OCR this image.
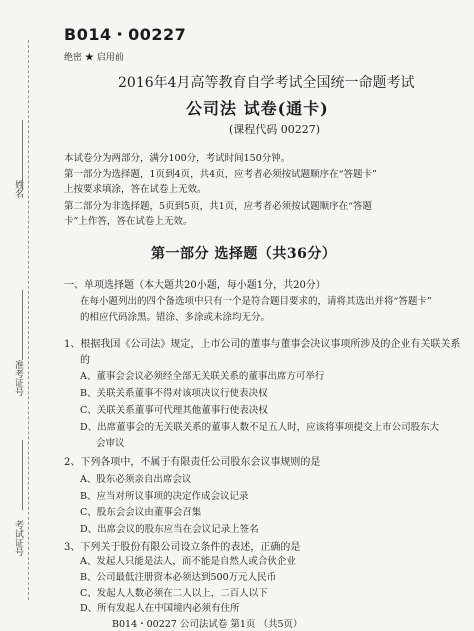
姓名
准考证号
考试证号
B014・00227
绝密 ★ 启用前
2016年4月高等教育自学考试全国统一命题考试
公司法 试卷(通卡)
(课程代码 00227)
本试卷分为两部分，满分100分，考试时间150分钟。
第一部分为选择题，1页到4页，共4页，应考者必须按试题顺序在“答题卡”
上按要求填涂，答在试卷上无效。
第二部分为非选择题，5页到5页，共1页，应考者必须按试题顺序在“答题
卡”上作答，答在试卷上无效。
第一部分 选择题（共36分）
一、单项选择题（本大题共20小题，每小题1分，共20分）
在每小题列出的四个备选项中只有一个是符合题目要求的，请将其选出并将“答题卡”
的相应代码涂黑。错涂、多涂或未涂均无分。
1、根据我国《公司法》规定，上市公司的董事与董事会决议事项所涉及的企业有关联关系
的
A、董事会会议必须经全部无关联关系的董事出席方可举行
B、关联关系董事不得对该项决议行使表决权
C、关联关系董事可代理其他董事行使表决权
D、出席董事会的无关联关系的董事人数不足五人时，应该将事项提交上市公司股东大
会审议
2、下列各项中，不属于有限责任公司股东会议事规则的是
A、股东必须亲自出席会议
B、应当对所议事项的决定作成会议记录
C、股东会会议由董事会召集
D、出席会议的股东应当在会议记录上签名
3、下列关于股份有限公司设立条件的表述，正确的是
A、发起人只能是法人，而不能是自然人或合伙企业
B、公司最低注册资本必须达到500万元人民币
C、发起人人数必须在二人以上，二百人以下
D、所有发起人在中国境内必须有住所
B014・00227 公司法试卷 第1页 （共5页）
